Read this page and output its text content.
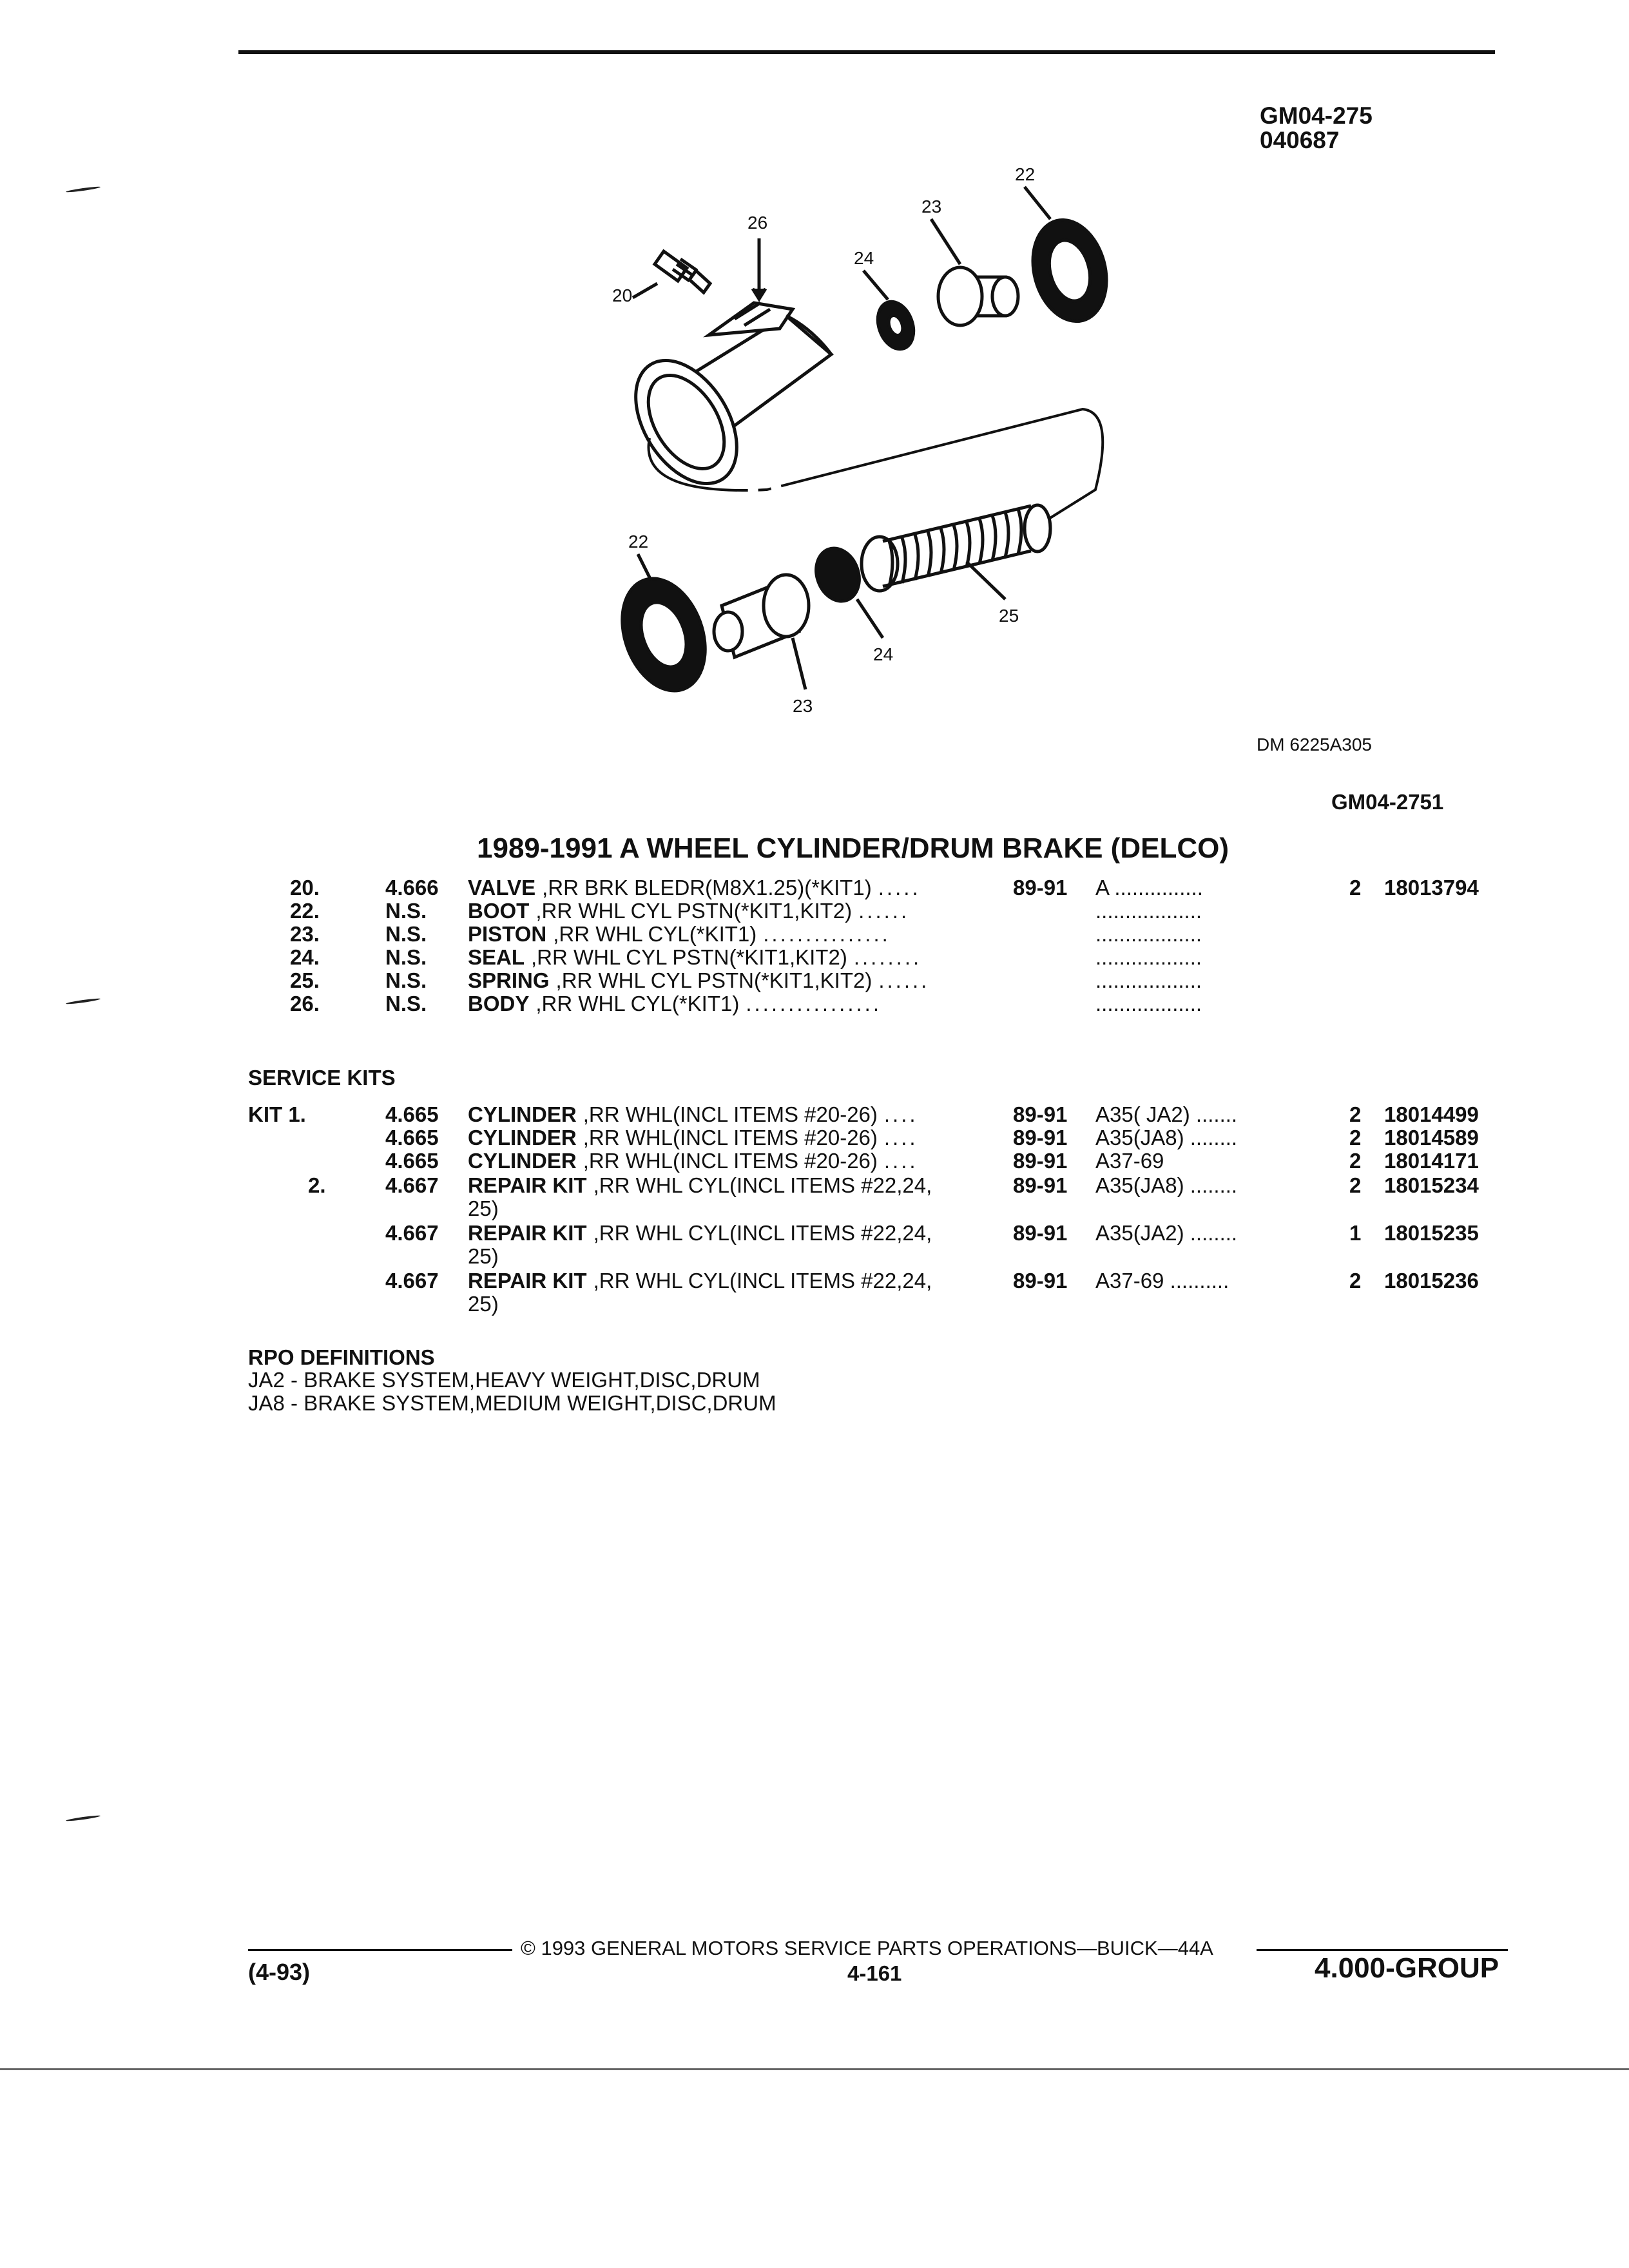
GM04-275
040687
20
26
24
23
22
22
25
24
23
DM 6225A305
GM04-2751
1989-1991 A WHEEL CYLINDER/DRUM BRAKE (DELCO)
20.	4.666 VALVE ,RR BRK BLEDR(M8X1.25)(*KIT1) .....	89-91 A ...............	2 18013794
22.	N.S. BOOT ,RR WHL CYL PSTN(*KIT1,KIT2) ......	..................
23.	N.S. PISTON ,RR WHL CYL(*KIT1) ...............	..................
24.	N.S. SEAL ,RR WHL CYL PSTN(*KIT1,KIT2) ........	..................
25.	N.S. SPRING ,RR WHL CYL PSTN(*KIT1,KIT2) ......	..................
26.	N.S. BODY ,RR WHL CYL(*KIT1) ................	..................
SERVICE KITS
KIT 1.	4.665 CYLINDER ,RR WHL(INCL ITEMS #20-26) ....	89-91 A35( JA2) .......	2 18014499
4.665 CYLINDER ,RR WHL(INCL ITEMS #20-26) ....	89-91 A35(JA8) ........	2 18014589
4.665 CYLINDER ,RR WHL(INCL ITEMS #20-26) ....	89-91 A37-69	2 18014171
2.	4.667 REPAIR KIT ,RR WHL CYL(INCL ITEMS #22,24,
25)
89-91 A35(JA8) ........	2 18015234
4.667 REPAIR KIT ,RR WHL CYL(INCL ITEMS #22,24,
25)
89-91 A35(JA2) ........	1 18015235
4.667 REPAIR KIT ,RR WHL CYL(INCL ITEMS #22,24,
25)
89-91 A37-69 ..........	2 18015236
RPO DEFINITIONS
JA2 - BRAKE SYSTEM,HEAVY WEIGHT,DISC,DRUM
JA8 - BRAKE SYSTEM,MEDIUM WEIGHT,DISC,DRUM
© 1993 GENERAL MOTORS SERVICE PARTS OPERATIONS—BUICK—44A
(4-93)	4-161	4.000-GROUP
